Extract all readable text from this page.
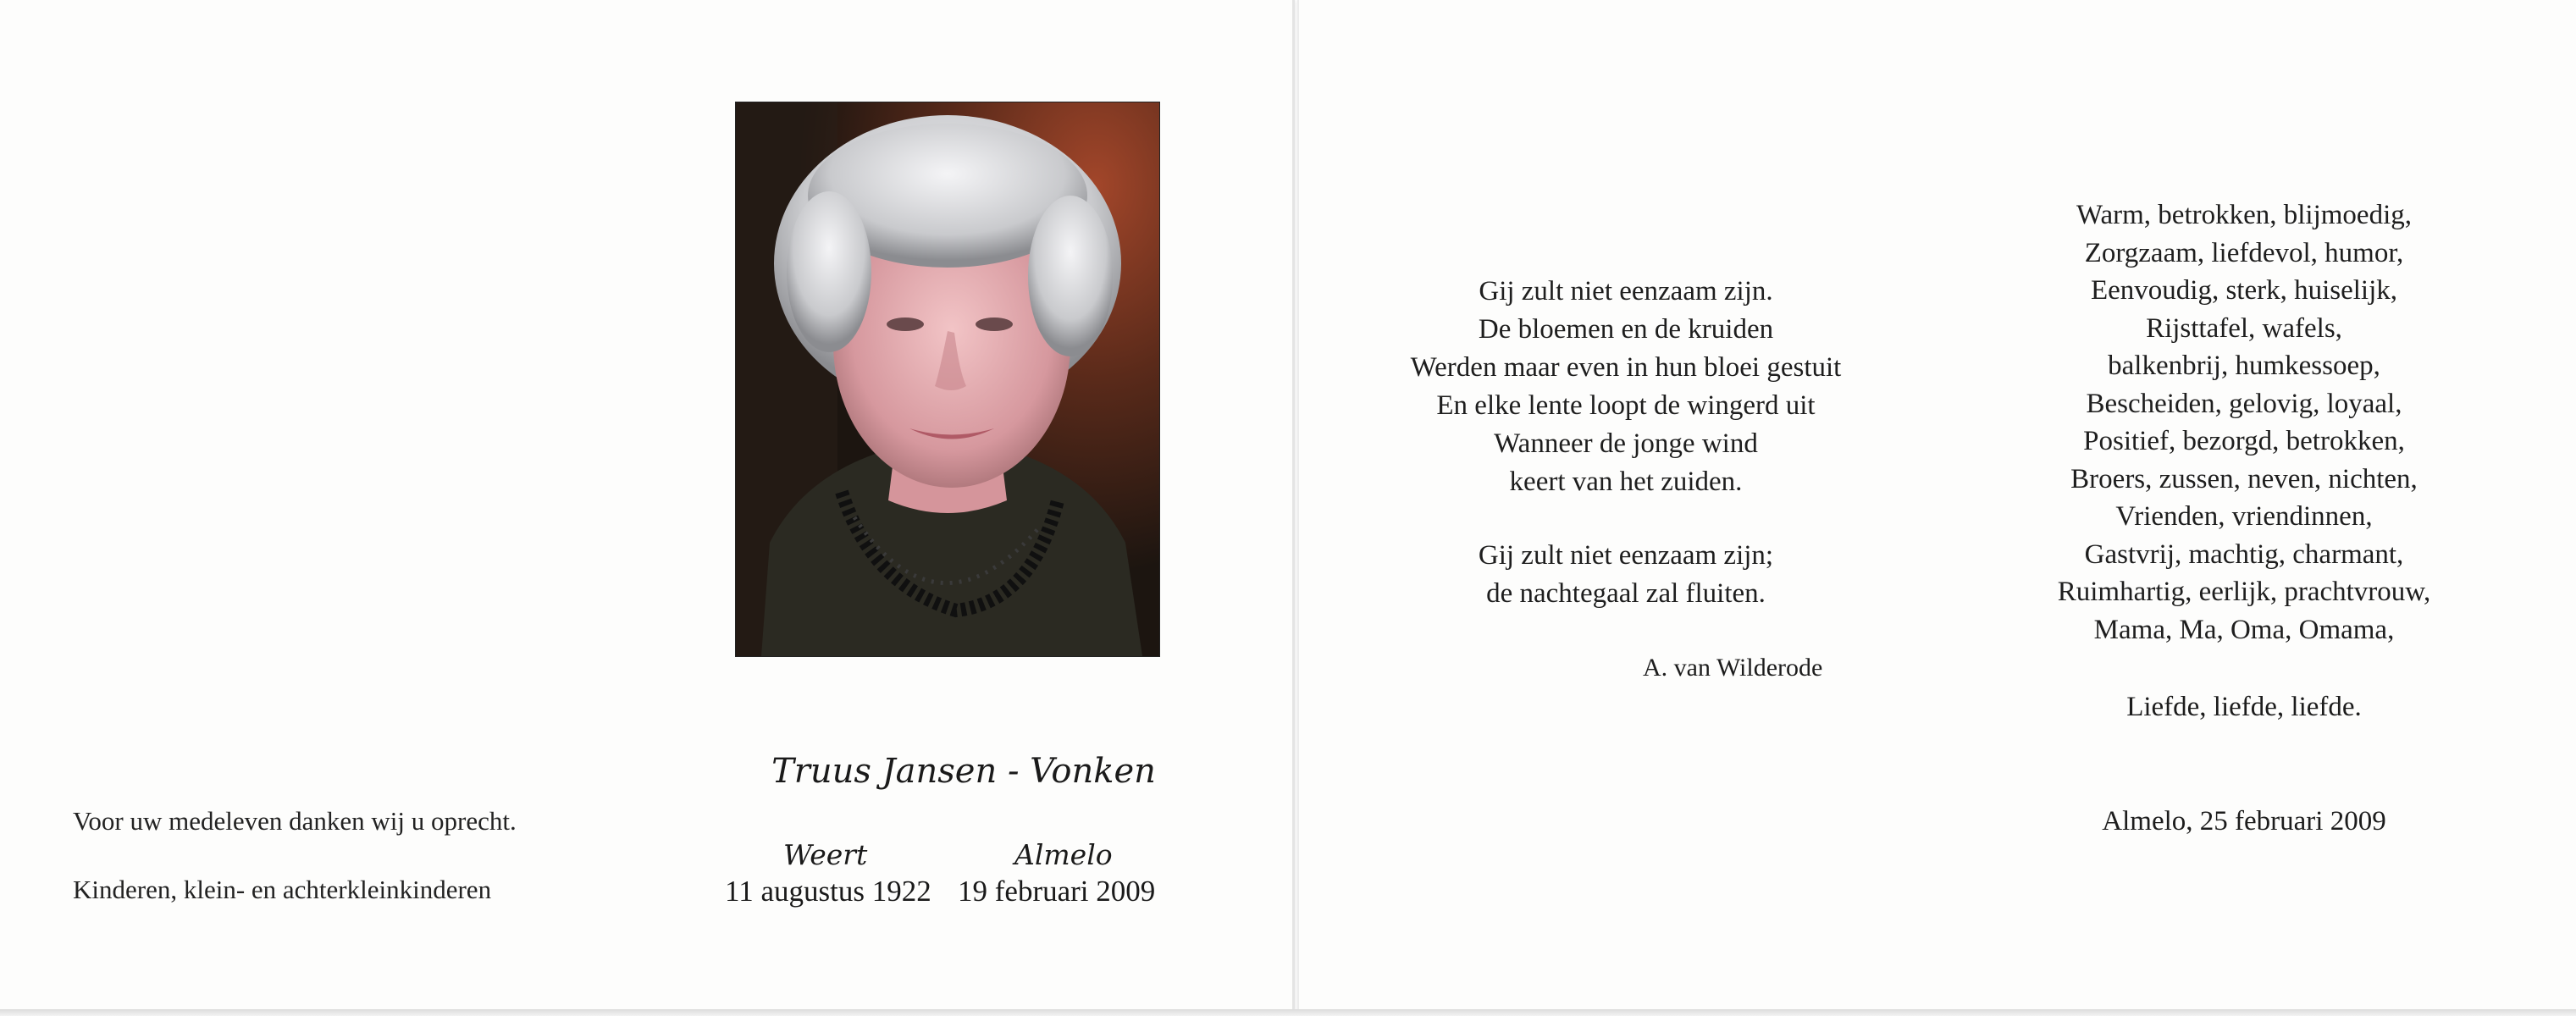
Voor uw medeleven danken wij u oprecht.

Kinderen, klein- en achterkleinkinderen

Truus Jansen - Vonken

Weert	Almelo

11 augustus 1922 19 februari 2009

Gij zult niet eenzaam zijn.
De bloemen en de kruiden
Werden maar even in hun bloei gestuit
En elke lente loopt de wingerd uit
Wanneer de jonge wind
keert van het zuiden.
Gij zult niet eenzaam zijn;
de nachtegaal zal fluiten.

A. van Wilderode

Warm, betrokken, blijmoedig,
Zorgzaam, liefdevol, humor,
Eenvoudig, sterk, huiselijk,
Rijsttafel, wafels,
balkenbrij, humkessoep,
Bescheiden, gelovig, loyaal,
Positief, bezorgd, betrokken,
Broers, zussen, neven, nichten,
Vrienden, vriendinnen,
Gastvrij, machtig, charmant,
Ruimhartig, eerlijk, prachtvrouw,
Mama, Ma, Oma, Omama,

Liefde, liefde, liefde.

Almelo, 25 februari 2009
